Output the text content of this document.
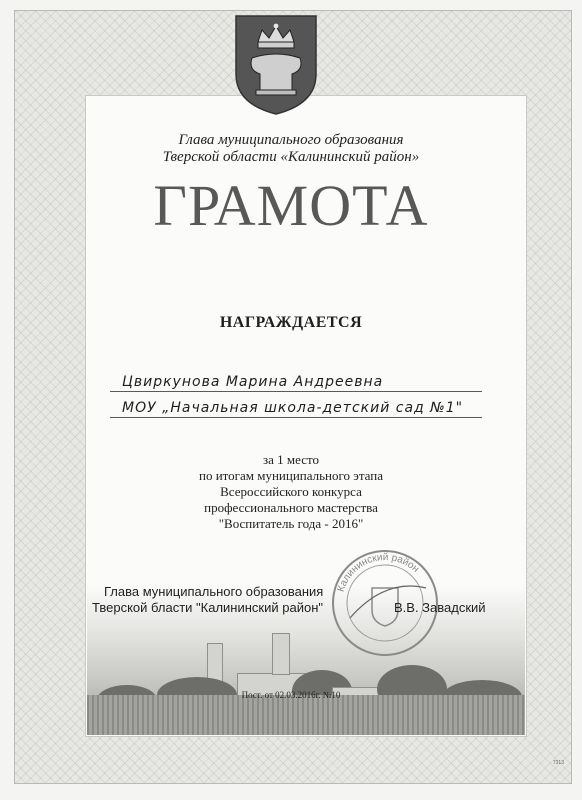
Глава муниципального образования
Тверской области «Калининский район»
ГРАМОТА
НАГРАЖДАЕТСЯ
Цвиркунова Марина Андреевна
МОУ „Начальная школа-детский сад №1"
за 1 место
по итогам муниципального этапа
Всероссийского конкурса
профессионального мастерства
"Воспитатель года - 2016"
Калининский район
Глава муниципального образования
Тверской бласти "Калининский район"	В.В. Завадский
Пост. от 02.03.2016г. №10
7313
